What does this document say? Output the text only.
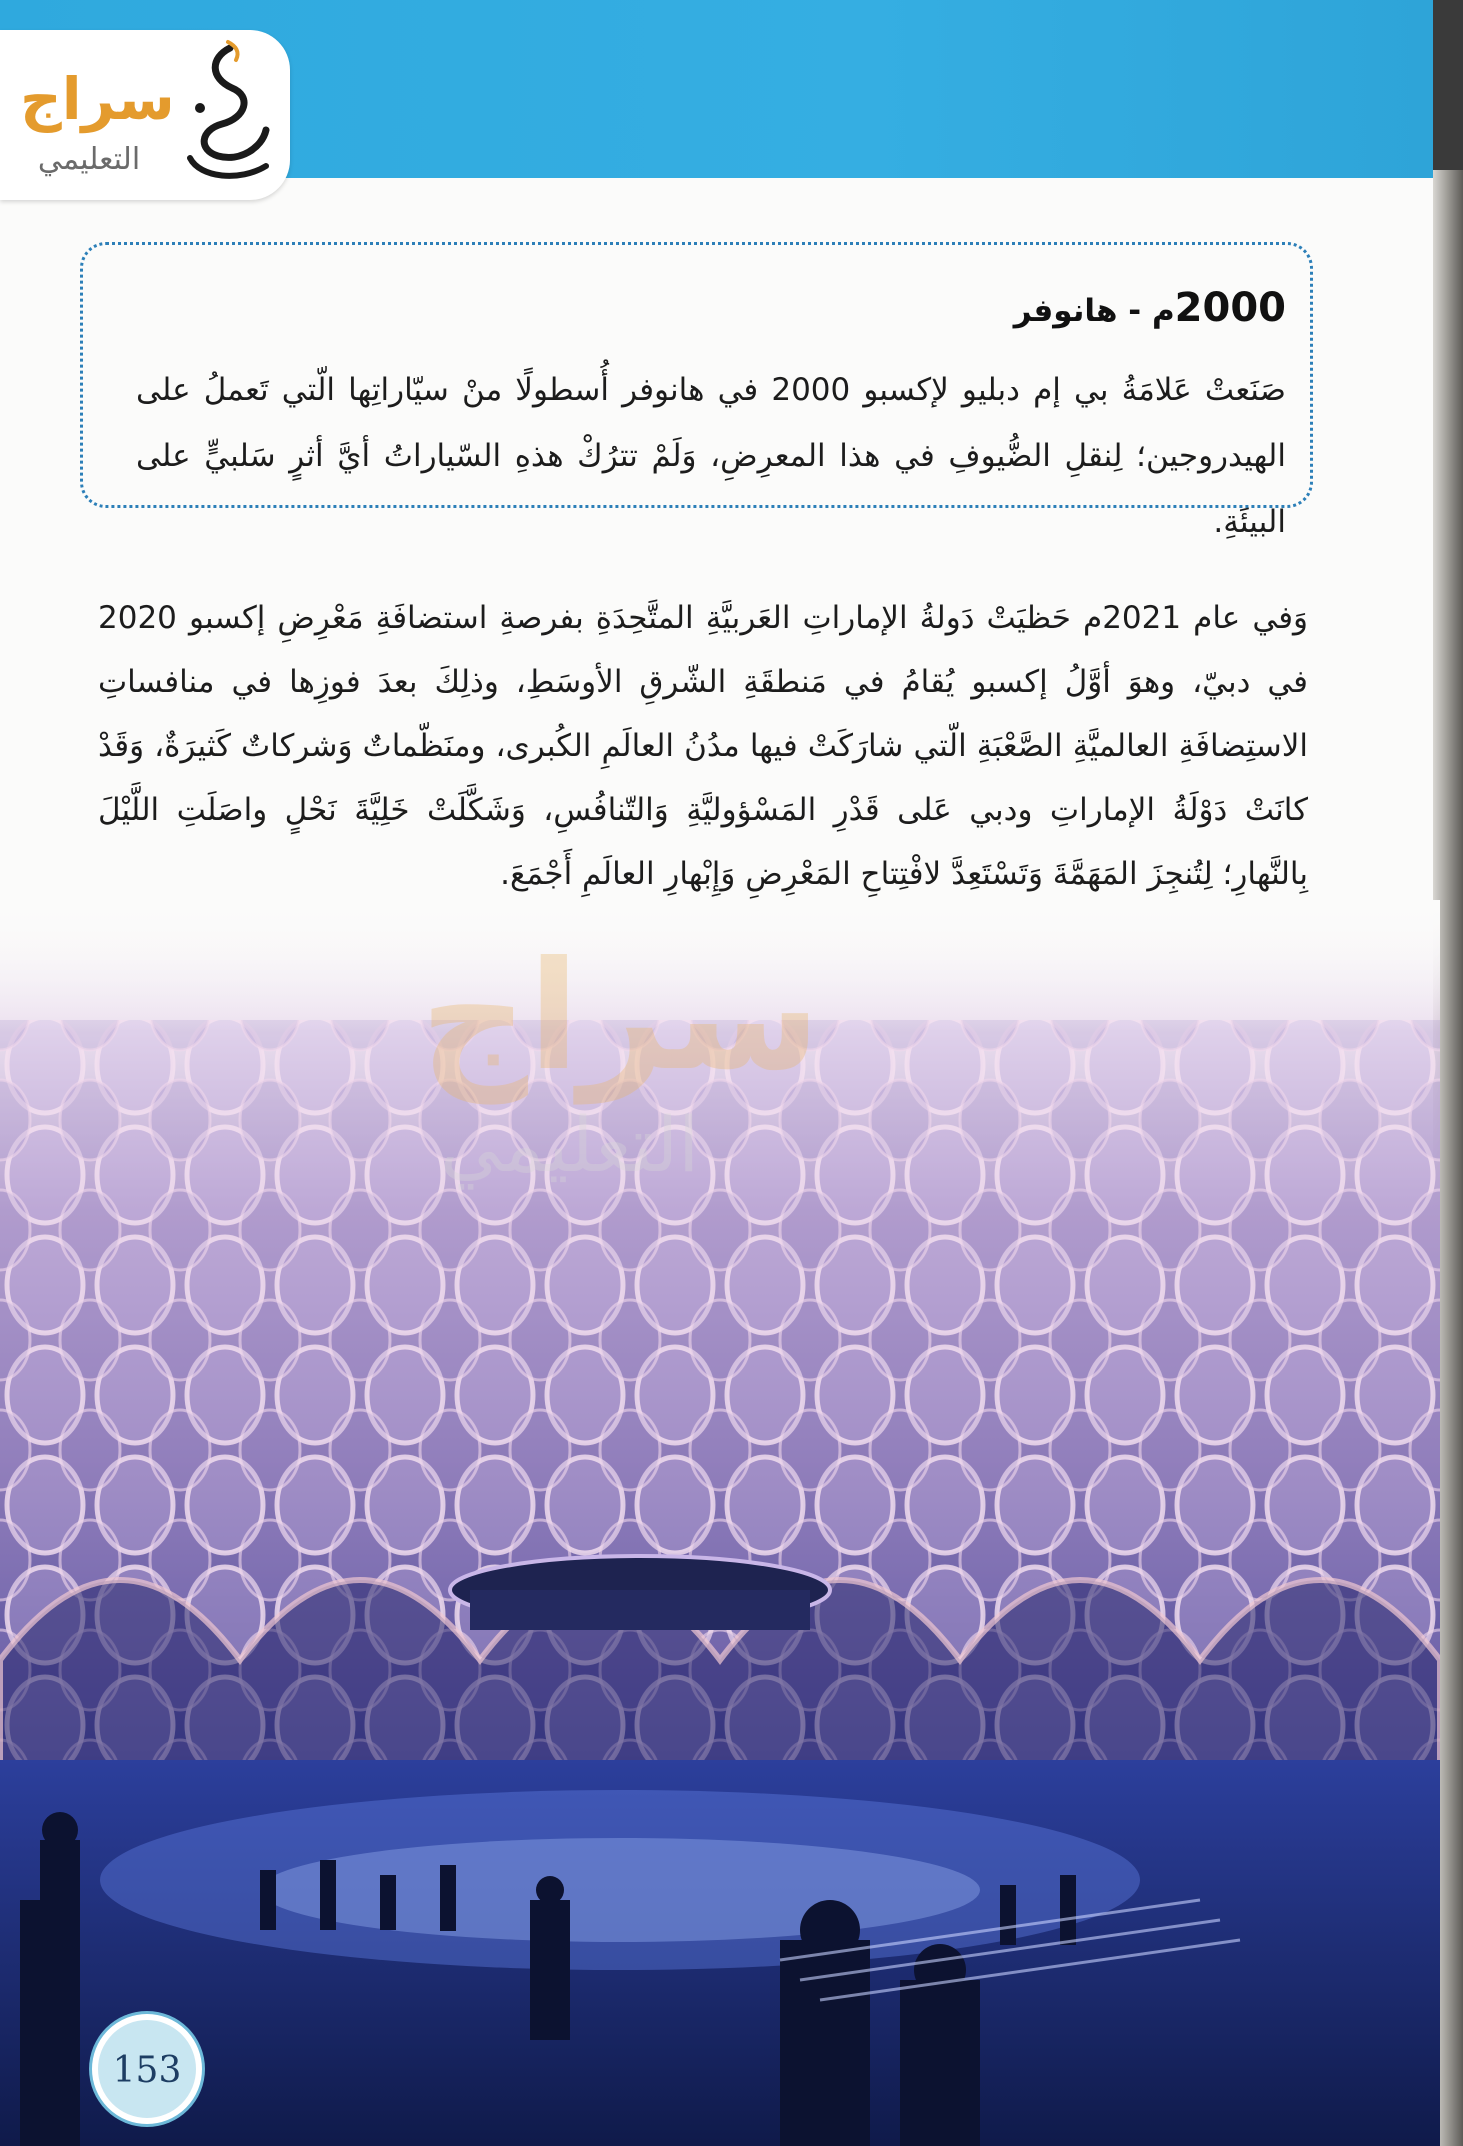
سراج
التعليمي
2000م - هانوفر
صَنَعتْ عَلامَةُ بي إم دبليو لإكسبو 2000 في هانوفر أُسطولًا منْ سيّاراتِها الّتي تَعملُ على الهيدروجين؛ لِنقلِ الضُّيوفِ في هذا المعرِضِ، وَلَمْ تترُكْ هذهِ السّياراتُ أيَّ أثرٍ سَلبيٍّ على البيئَةِ.
وَفي عام 2021م حَظيَتْ دَولةُ الإماراتِ العَربيَّةِ المتَّحِدَةِ بفرصةِ استضافَةِ مَعْرِضِ إكسبو 2020 في دبيّ، وهوَ أوَّلُ إكسبو يُقامُ في مَنطقَةِ الشّرقِ الأوسَطِ، وذلِكَ بعدَ فوزِها في منافساتِ الاستِضافَةِ العالميَّةِ الصَّعْبَةِ الّتي شارَكَتْ فيها مدُنُ العالَمِ الكُبرى، ومنَظّماتٌ وَشركاتٌ كَثيرَةٌ، وَقَدْ كانَتْ دَوْلَةُ الإماراتِ ودبي عَلى قَدْرِ المَسْؤوليَّةِ وَالتّنافُسِ، وَشَكَّلَتْ خَلِيَّةَ نَحْلٍ واصَلَتِ اللَّيْلَ بِالنَّهارِ؛ لِتُنجِزَ المَهَمَّةَ وَتَسْتَعِدَّ لافْتِتاحِ المَعْرِضِ وَإِبْهارِ العالَمِ أَجْمَعَ.
سراج
التعليمي
153
